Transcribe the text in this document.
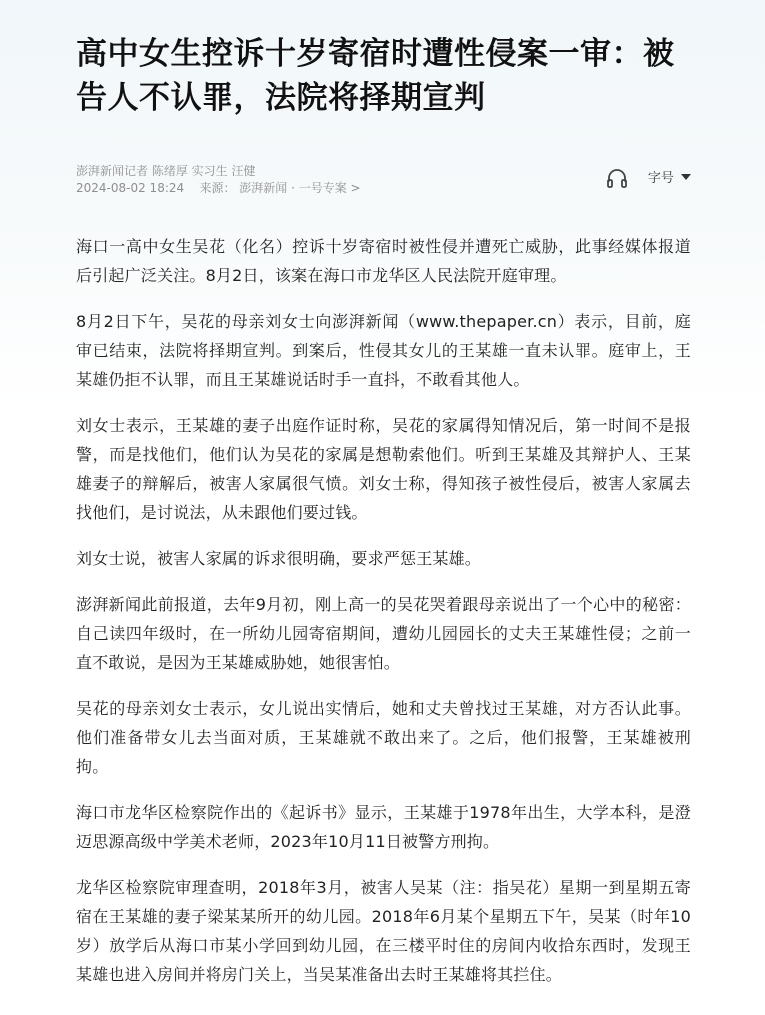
高中女生控诉十岁寄宿时遭性侵案一审：被告人不认罪，法院将择期宣判
澎湃新闻记者 陈绪厚 实习生 汪健
2024-08-02 18:24 来源： 澎湃新闻 · 一号专案 >
字号

海口一高中女生吴花（化名）控诉十岁寄宿时被性侵并遭死亡威胁，此事经媒体报道后引起广泛关注。8月2日，该案在海口市龙华区人民法院开庭审理。

8月2日下午，吴花的母亲刘女士向澎湃新闻（www.thepaper.cn）表示，目前，庭审已结束，法院将择期宣判。到案后，性侵其女儿的王某雄一直未认罪。庭审上，王某雄仍拒不认罪，而且王某雄说话时手一直抖，不敢看其他人。

刘女士表示，王某雄的妻子出庭作证时称，吴花的家属得知情况后，第一时间不是报警，而是找他们，他们认为吴花的家属是想勒索他们。听到王某雄及其辩护人、王某雄妻子的辩解后，被害人家属很气愤。刘女士称，得知孩子被性侵后，被害人家属去找他们，是讨说法，从未跟他们要过钱。

刘女士说，被害人家属的诉求很明确，要求严惩王某雄。

澎湃新闻此前报道，去年9月初，刚上高一的吴花哭着跟母亲说出了一个心中的秘密：自己读四年级时，在一所幼儿园寄宿期间，遭幼儿园园长的丈夫王某雄性侵；之前一直不敢说，是因为王某雄威胁她，她很害怕。

吴花的母亲刘女士表示，女儿说出实情后，她和丈夫曾找过王某雄，对方否认此事。他们准备带女儿去当面对质，王某雄就不敢出来了。之后，他们报警，王某雄被刑拘。

海口市龙华区检察院作出的《起诉书》显示，王某雄于1978年出生，大学本科，是澄迈思源高级中学美术老师，2023年10月11日被警方刑拘。

龙华区检察院审理查明，2018年3月，被害人吴某（注：指吴花）星期一到星期五寄宿在王某雄的妻子梁某某所开的幼儿园。2018年6月某个星期五下午，吴某（时年10岁）放学后从海口市某小学回到幼儿园，在三楼平时住的房间内收拾东西时，发现王某雄也进入房间并将房门关上，当吴某准备出去时王某雄将其拦住。
